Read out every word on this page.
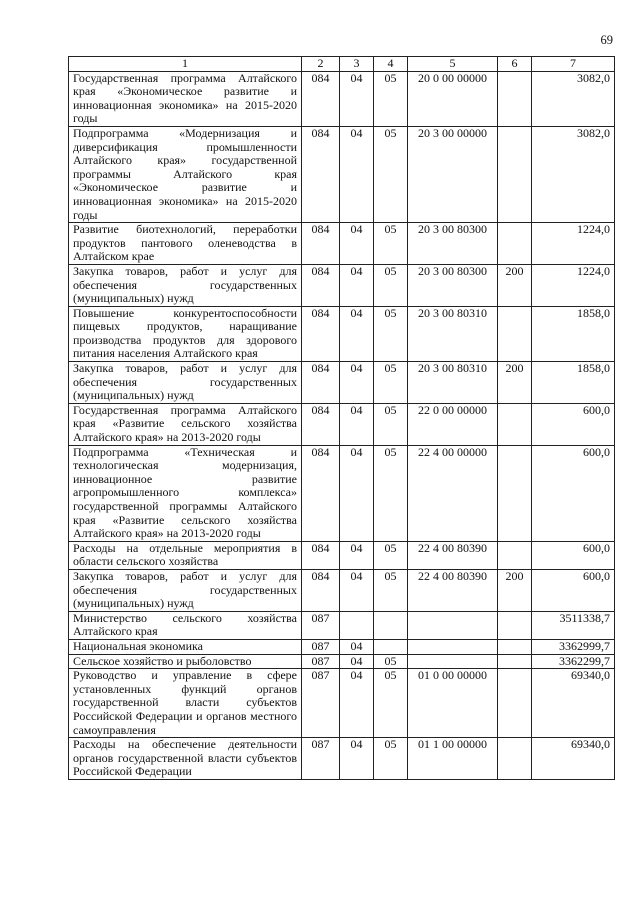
69
1	2	3	4	5	6	7
Государственная программа Алтайского края «Экономическое развитие и инновационная экономика» на 2015-2020 годы	084	04	05	20 0 00 00000		3082,0
Подпрограмма «Модернизация и диверсификация промышленности Алтайского края» государственной программы Алтайского края «Экономическое развитие и инновационная экономика» на 2015-2020 годы	084	04	05	20 3 00 00000		3082,0
Развитие биотехнологий, переработки продуктов пантового оленеводства в Алтайском крае	084	04	05	20 3 00 80300		1224,0
Закупка товаров, работ и услуг для обеспечения государственных (муниципальных) нужд	084	04	05	20 3 00 80300	200	1224,0
Повышение конкурентоспособности пищевых продуктов, наращивание производства продуктов для здорового питания населения Алтайского края	084	04	05	20 3 00 80310		1858,0
Закупка товаров, работ и услуг для обеспечения государственных (муниципальных) нужд	084	04	05	20 3 00 80310	200	1858,0
Государственная программа Алтайского края «Развитие сельского хозяйства Алтайского края» на 2013-2020 годы	084	04	05	22 0 00 00000		600,0
Подпрограмма «Техническая и технологическая модернизация, инновационное развитие агропромышленного комплекса» государственной программы Алтайского края «Развитие сельского хозяйства Алтайского края» на 2013-2020 годы	084	04	05	22 4 00 00000		600,0
Расходы на отдельные мероприятия в области сельского хозяйства	084	04	05	22 4 00 80390		600,0
Закупка товаров, работ и услуг для обеспечения государственных (муниципальных) нужд	084	04	05	22 4 00 80390	200	600,0
Министерство сельского хозяйства Алтайского края	087					3511338,7
Национальная экономика	087	04				3362999,7
Сельское хозяйство и рыболовство	087	04	05			3362299,7
Руководство и управление в сфере установленных функций органов государственной власти субъектов Российской Федерации и органов местного самоуправления	087	04	05	01 0 00 00000		69340,0
Расходы на обеспечение деятельности органов государственной власти субъектов Российской Федерации	087	04	05	01 1 00 00000		69340,0
